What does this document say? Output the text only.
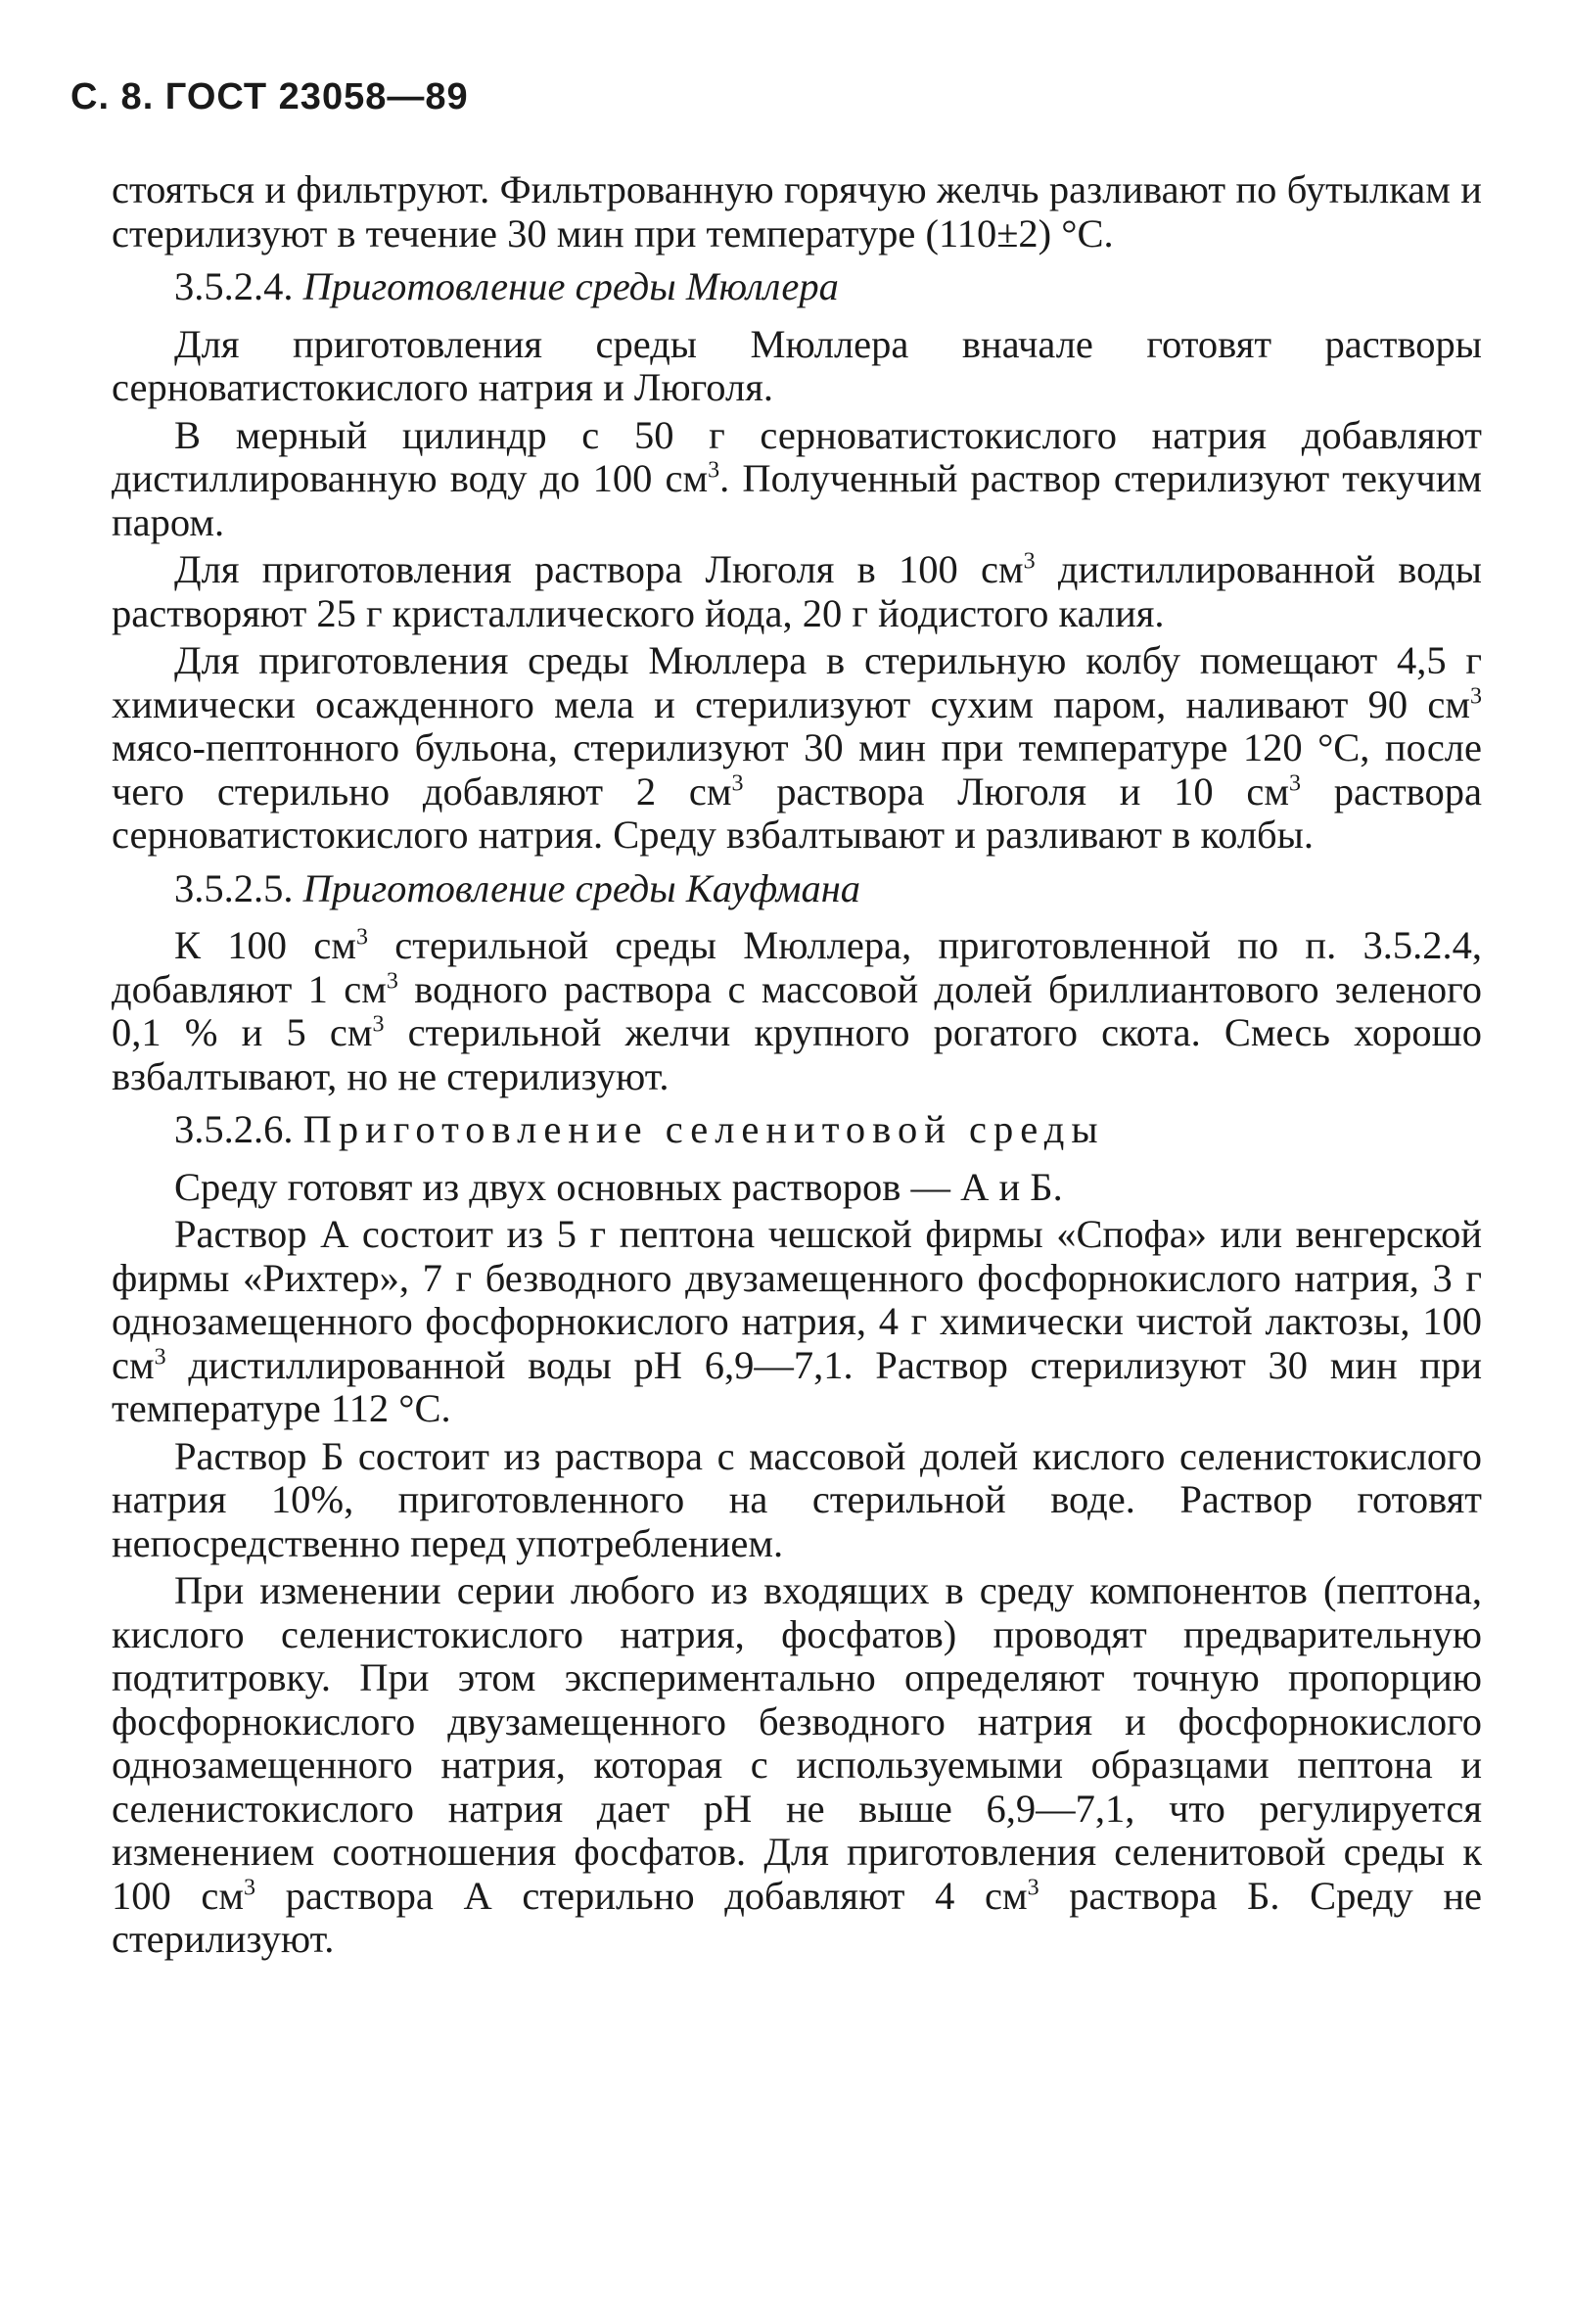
С. 8. ГОСТ 23058—89

стояться и фильтруют. Фильтрованную горячую желчь разливают по бутылкам и стерилизуют в течение 30 мин при температуре (110±2) °С.

3.5.2.4. Приготовление среды Мюллера

Для приготовления среды Мюллера вначале готовят растворы серноватистокислого натрия и Люголя.

В мерный цилиндр с 50 г серноватистокислого натрия добавляют дистиллированную воду до 100 $см^3$. Полученный раствор стерилизуют текучим паром.

Для приготовления раствора Люголя в 100 $см^3$ дистиллированной воды растворяют 25 г кристаллического йода, 20 г йодистого калия.

Для приготовления среды Мюллера в стерильную колбу помещают 4,5 г химически осажденного мела и стерилизуют сухим паром, наливают 90 $см^3$ мясо-пептонного бульона, стерилизуют 30 мин при температуре 120 °С, после чего стерильно добавляют 2 $см^3$ раствора Люголя и 10 $см^3$ раствора серноватистокислого натрия. Среду взбалтывают и разливают в колбы.

3.5.2.5. Приготовление среды Кауфмана

К 100 $см^3$ стерильной среды Мюллера, приготовленной по п. 3.5.2.4, добавляют 1 $см^3$ водного раствора с массовой долей бриллиантового зеленого 0,1 % и 5 $см^3$ стерильной желчи крупного рогатого скота. Смесь хорошо взбалтывают, но не стерилизуют.

3.5.2.6. Приготовление селенитовой среды

Среду готовят из двух основных растворов — А и Б.

Раствор А состоит из 5 г пептона чешской фирмы «Спофа» или венгерской фирмы «Рихтер», 7 г безводного двузамещенного фосфорнокислого натрия, 3 г однозамещенного фосфорнокислого натрия, 4 г химически чистой лактозы, 100 $см^3$ дистиллированной воды pH 6,9—7,1. Раствор стерилизуют 30 мин при температуре 112 °С.

Раствор Б состоит из раствора с массовой долей кислого селенистокислого натрия 10%, приготовленного на стерильной воде. Раствор готовят непосредственно перед употреблением.

При изменении серии любого из входящих в среду компонентов (пептона, кислого селенистокислого натрия, фосфатов) проводят предварительную подтитровку. При этом экспериментально определяют точную пропорцию фосфорнокислого двузамещенного безводного натрия и фосфорнокислого однозамещенного натрия, которая с используемыми образцами пептона и селенистокислого натрия дает pH не выше 6,9—7,1, что регулируется изменением соотношения фосфатов. Для приготовления селенитовой среды к 100 $см^3$ раствора А стерильно добавляют 4 $см^3$ раствора Б. Среду не стерилизуют.
